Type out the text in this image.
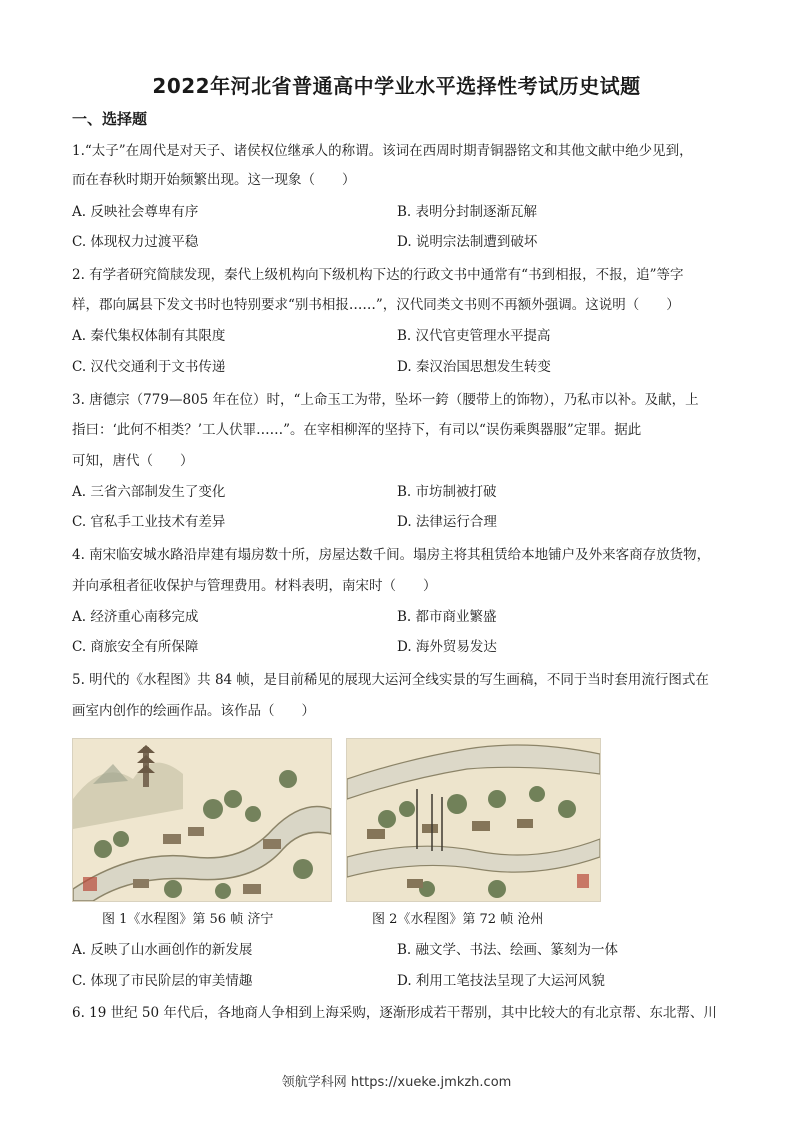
2022年河北省普通高中学业水平选择性考试历史试题
一、选择题
1.“太子”在周代是对天子、诸侯权位继承人的称谓。该词在西周时期青铜器铭文和其他文献中绝少见到，
而在春秋时期开始频繁出现。这一现象（　　）
A. 反映社会尊卑有序	B. 表明分封制逐渐瓦解
C. 体现权力过渡平稳	D. 说明宗法制遭到破坏
2. 有学者研究简牍发现，秦代上级机构向下级机构下达的行政文书中通常有“书到相报，不报，追”等字
样，郡向属县下发文书时也特别要求“别书相报……”，汉代同类文书则不再额外强调。这说明（　　）
A. 秦代集权体制有其限度	B. 汉代官吏管理水平提高
C. 汉代交通利于文书传递	D. 秦汉治国思想发生转变
3. 唐德宗（779—805 年在位）时，“上命玉工为带，坠坏一銙（腰带上的饰物），乃私市以补。及献，上
指曰：‘此何不相类？’工人伏罪……”。在宰相柳浑的坚持下，有司以“误伤乘舆器服”定罪。据此
可知，唐代（　　）
A. 三省六部制发生了变化	B. 市坊制被打破
C. 官私手工业技术有差异	D. 法律运行合理
4. 南宋临安城水路沿岸建有塌房数十所，房屋达数千间。塌房主将其租赁给本地铺户及外来客商存放货物，
并向承租者征收保护与管理费用。材料表明，南宋时（　　）
A. 经济重心南移完成	B. 都市商业繁盛
C. 商旅安全有所保障	D. 海外贸易发达
5. 明代的《水程图》共 84 帧，是目前稀见的展现大运河全线实景的写生画稿，不同于当时套用流行图式在
画室内创作的绘画作品。该作品（　　）
图 1《水程图》第 56 帧 济宁	图 2《水程图》第 72 帧 沧州
A. 反映了山水画创作的新发展	B. 融文学、书法、绘画、篆刻为一体
C. 体现了市民阶层的审美情趣	D. 利用工笔技法呈现了大运河风貌
6. 19 世纪 50 年代后，各地商人争相到上海采购，逐渐形成若干帮别，其中比较大的有北京帮、东北帮、川
领航学科网 https://xueke.jmkzh.com
